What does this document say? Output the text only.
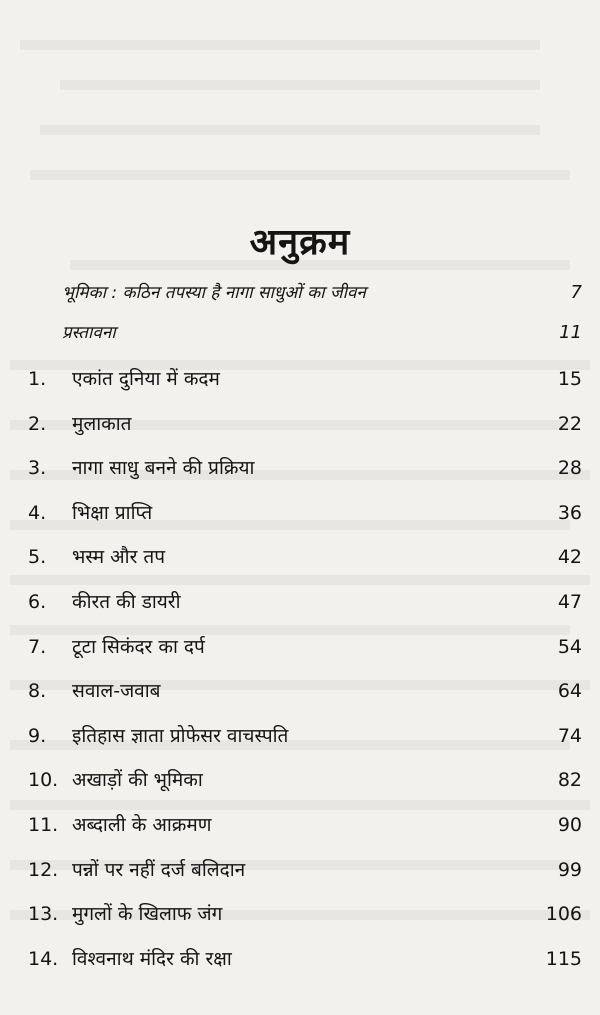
अनुक्रम
भूमिका : कठिन तपस्या है नागा साधुओं का जीवन	7
प्रस्तावना	11
1. एकांत दुनिया में कदम	15
2. मुलाकात	22
3. नागा साधु बनने की प्रक्रिया	28
4. भिक्षा प्राप्ति	36
5. भस्म और तप	42
6. कीरत की डायरी	47
7. टूटा सिकंदर का दर्प	54
8. सवाल-जवाब	64
9. इतिहास ज्ञाता प्रोफेसर वाचस्पति	74
10. अखाड़ों की भूमिका	82
11. अब्दाली के आक्रमण	90
12. पन्नों पर नहीं दर्ज बलिदान	99
13. मुगलों के खिलाफ जंग	106
14. विश्वनाथ मंदिर की रक्षा	115
